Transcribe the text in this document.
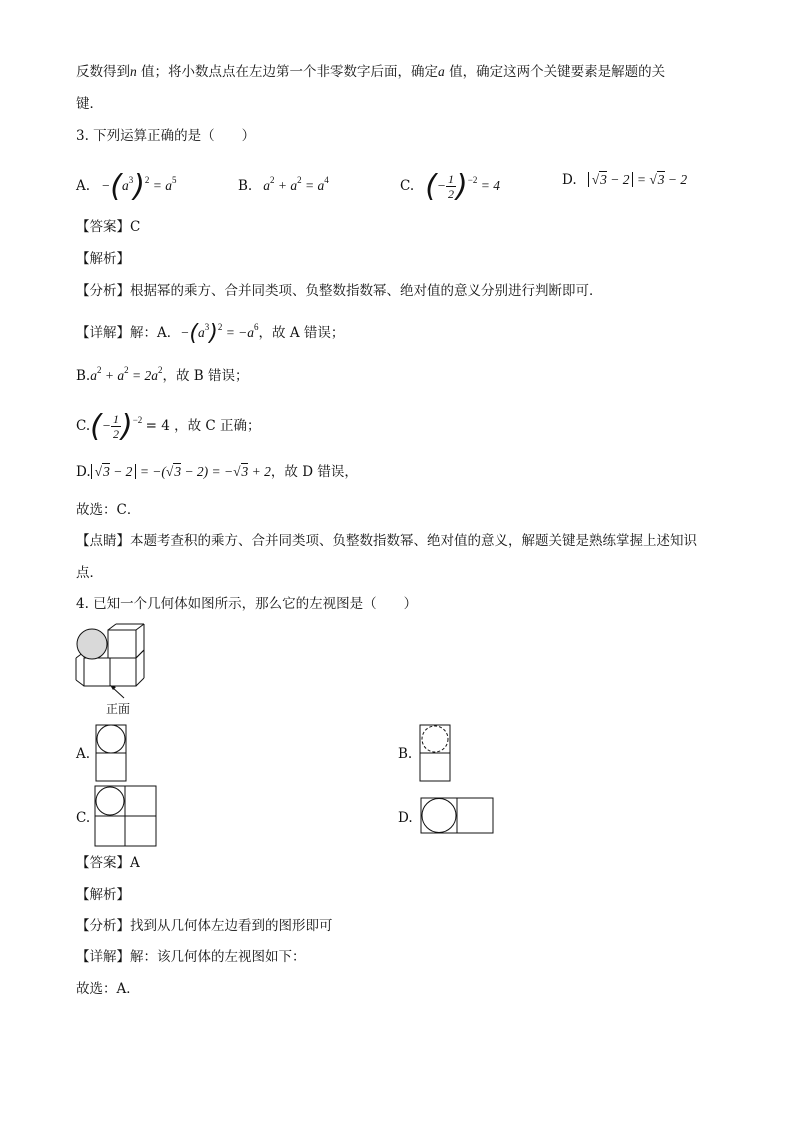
反数得到n 值；将小数点点在左边第一个非零数字后面，确定a 值，确定这两个关键要素是解题的关
键．
3. 下列运算正确的是（　　）
A.   $-(a^3)^2 = a^5$	B.   $a^2 + a^2 = a^4$	C. (− $\frac{1}{2} )^{-2} = 4$	D. √3 − 2 = √3 − 2
【答案】C
【解析】
【分析】根据幂的乘方、合并同类项、负整数指数幂、绝对值的意义分别进行判断即可．
【详解】解：A．$-(a^3)^2 = -a^6$，故 A 错误；
$B.a^2 + a^2 = 2a^2$，故 B 错误；
$C.(- \frac{1}{2} )^{-2} = 4$ ，故 C 正确；
D. √3 − 2 = −(√3 − 2) = −√3 + 2，故 D 错误，
故选：C．
【点睛】本题考查积的乘方、合并同类项、负整数指数幂、绝对值的意义，解题关键是熟练掌握上述知识
点．
4. 已知一个几何体如图所示，那么它的左视图是（　　）
正面
A.	B.
C.	D.
【答案】A
【解析】
【分析】找到从几何体左边看到的图形即可
【详解】解：该几何体的左视图如下：
故选：A．
